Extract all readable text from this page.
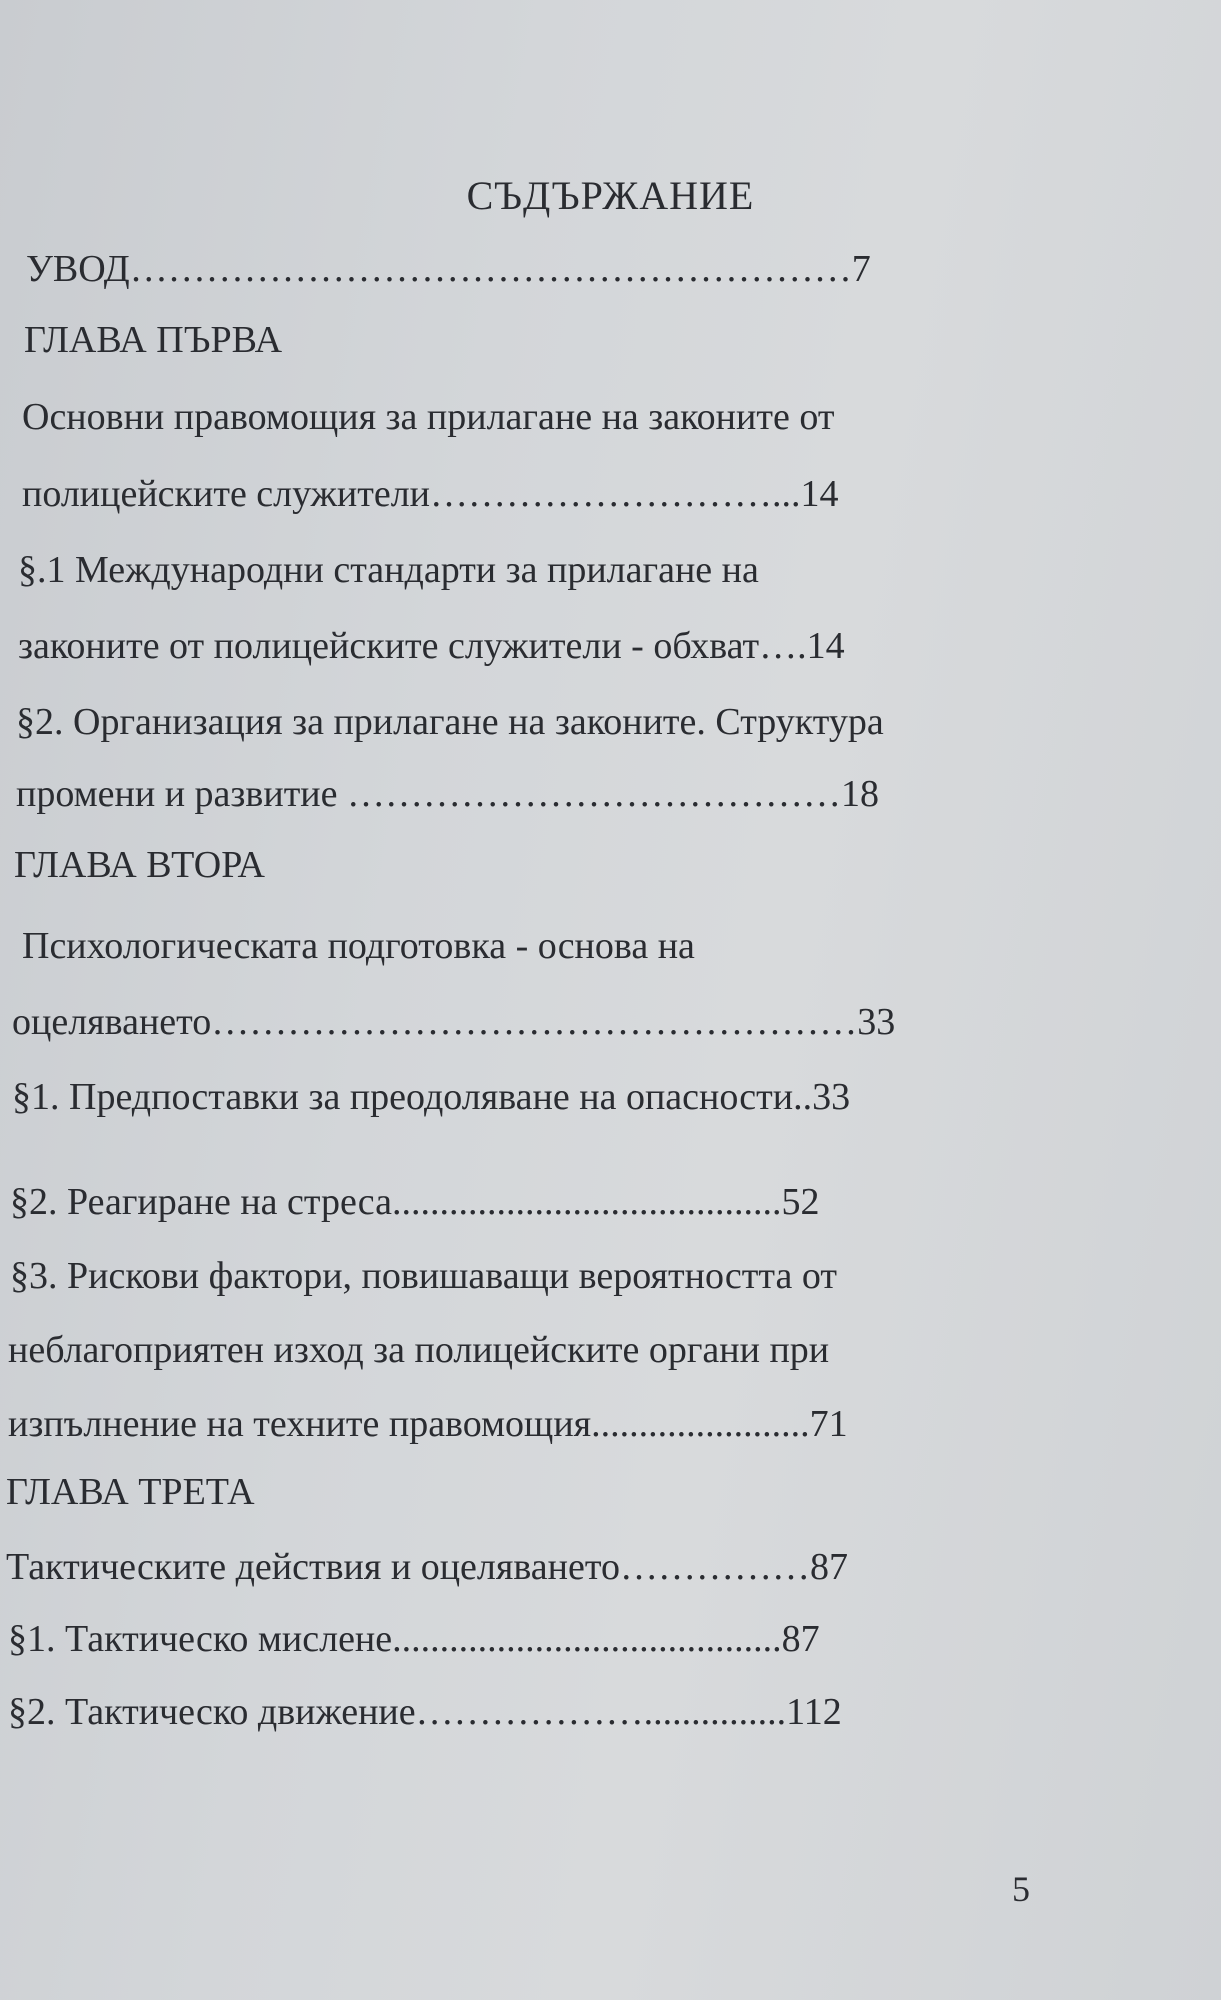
СЪДЪРЖАНИЕ
УВОД…………………………………………………7
ГЛАВА ПЪРВА
Основни правомощия за прилагане на законите от
полицейските служители………………………...14
§.1 Международни стандарти за прилагане на
законите от полицейските служители - обхват….14
§2. Организация за прилагане на законите. Структура
промени и развитие …………………………………18
ГЛАВА ВТОРА
Психологическата подготовка - основа на
оцеляването……………………………………………33
§1. Предпоставки за преодоляване на опасности..33
§2. Реагиране на стреса.........................................52
§3. Рискови фактори, повишаващи вероятността от
неблагоприятен изход за полицейските органи при
изпълнение на техните правомощия.......................71
ГЛАВА ТРЕТА
Тактическите действия и оцеляването……………87
§1. Тактическо мислене.........................................87
§2. Тактическо движение………………...............112
5
